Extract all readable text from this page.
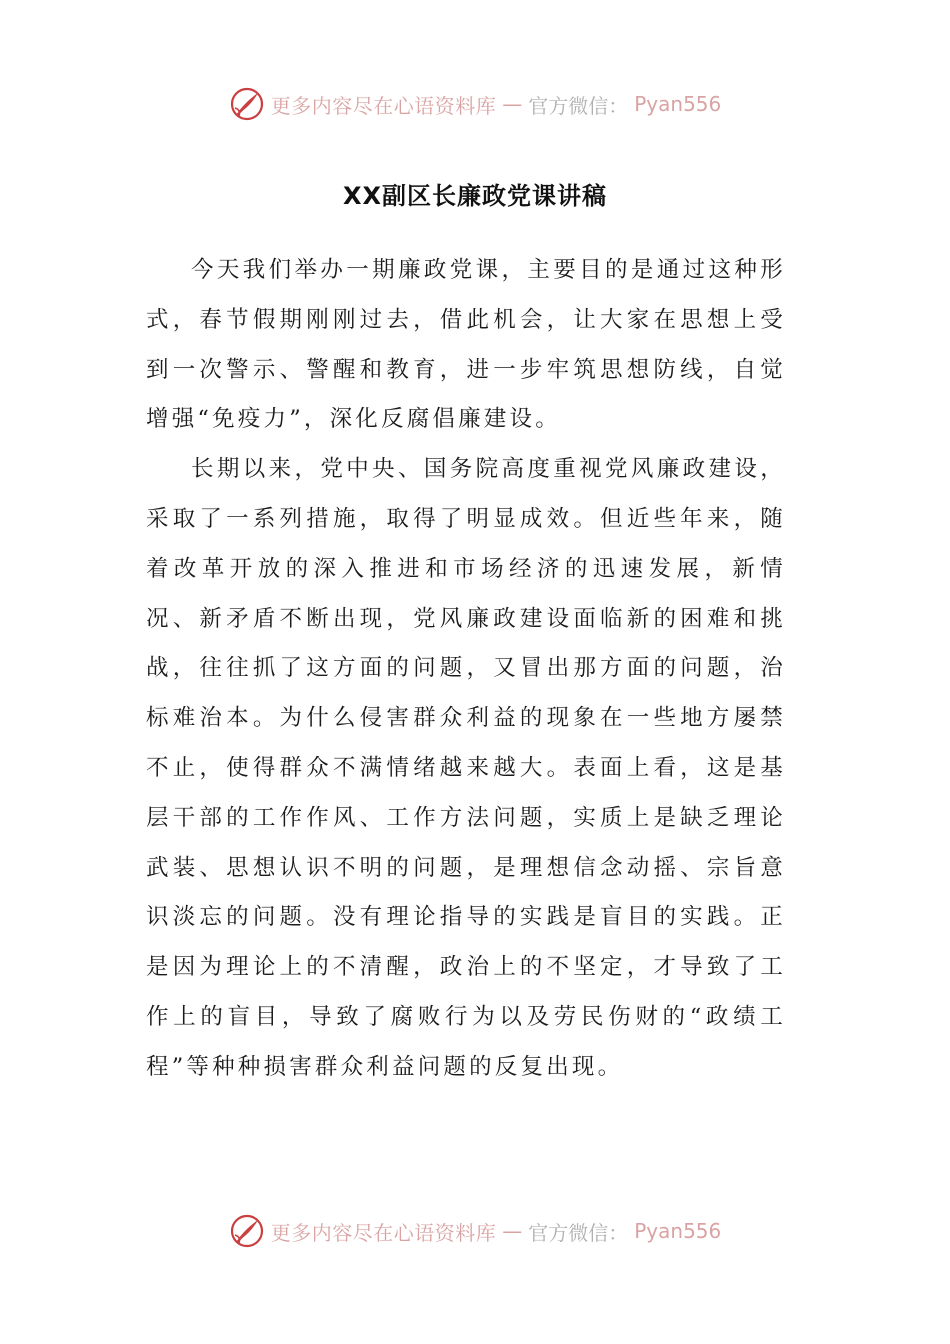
更多内容尽在心语资料库 — 官方微信： Pyan556
XX副区长廉政党课讲稿

今天我们举办一期廉政党课，主要目的是通过这种形式，春节假期刚刚过去，借此机会，让大家在思想上受到一次警示、警醒和教育，进一步牢筑思想防线，自觉增强“免疫力”，深化反腐倡廉建设。

长期以来，党中央、国务院高度重视党风廉政建设，采取了一系列措施，取得了明显成效。但近些年来，随着改革开放的深入推进和市场经济的迅速发展，新情况、新矛盾不断出现，党风廉政建设面临新的困难和挑战，往往抓了这方面的问题，又冒出那方面的问题，治标难治本。为什么侵害群众利益的现象在一些地方屡禁不止，使得群众不满情绪越来越大。表面上看，这是基层干部的工作作风、工作方法问题，实质上是缺乏理论武装、思想认识不明的问题，是理想信念动摇、宗旨意识淡忘的问题。没有理论指导的实践是盲目的实践。正是因为理论上的不清醒，政治上的不坚定，才导致了工作上的盲目，导致了腐败行为以及劳民伤财的“政绩工程”等种种损害群众利益问题的反复出现。

更多内容尽在心语资料库 — 官方微信： Pyan556
